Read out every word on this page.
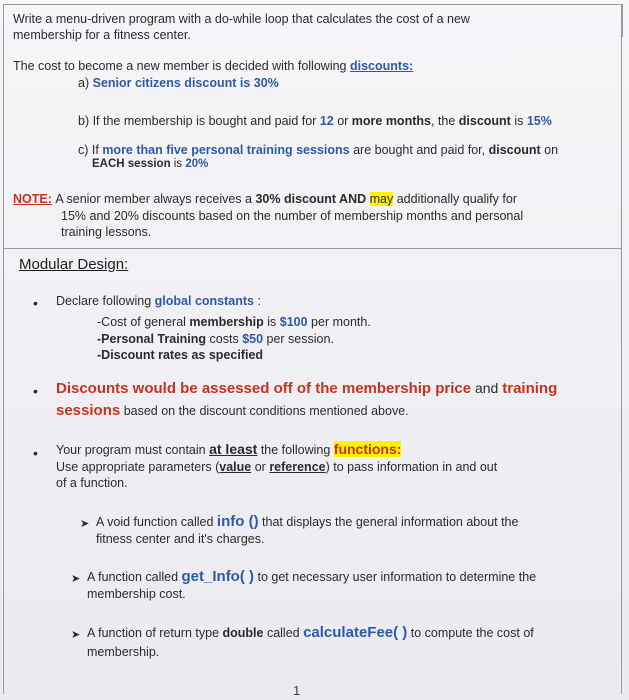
Write a menu-driven program with a do-while loop that calculates the cost of a new
membership for a fitness center.
The cost to become a new member is decided with following discounts:
a) Senior citizens discount is 30%
b) If the membership is bought and paid for 12 or more months, the discount is 15%
c) If more than five personal training sessions are bought and paid for, discount on
EACH session is 20%
NOTE: A senior member always receives a 30% discount AND may additionally qualify for
15% and 20% discounts based on the number of membership months and personal
training lessons.
Modular Design:
• Declare following global constants :
-Cost of general membership is $100 per month.
-Personal Training costs $50 per session.
-Discount rates as specified
• Discounts would be assessed off of the membership price and training
sessions based on the discount conditions mentioned above.
• Your program must contain at least the following functions:
Use appropriate parameters (value or reference) to pass information in and out
of a function.
➤ A void function called info () that displays the general information about the
fitness center and it's charges.
➤ A function called get_Info( ) to get necessary user information to determine the
membership cost.
➤ A function of return type double called calculateFee( ) to compute the cost of
membership.
1
